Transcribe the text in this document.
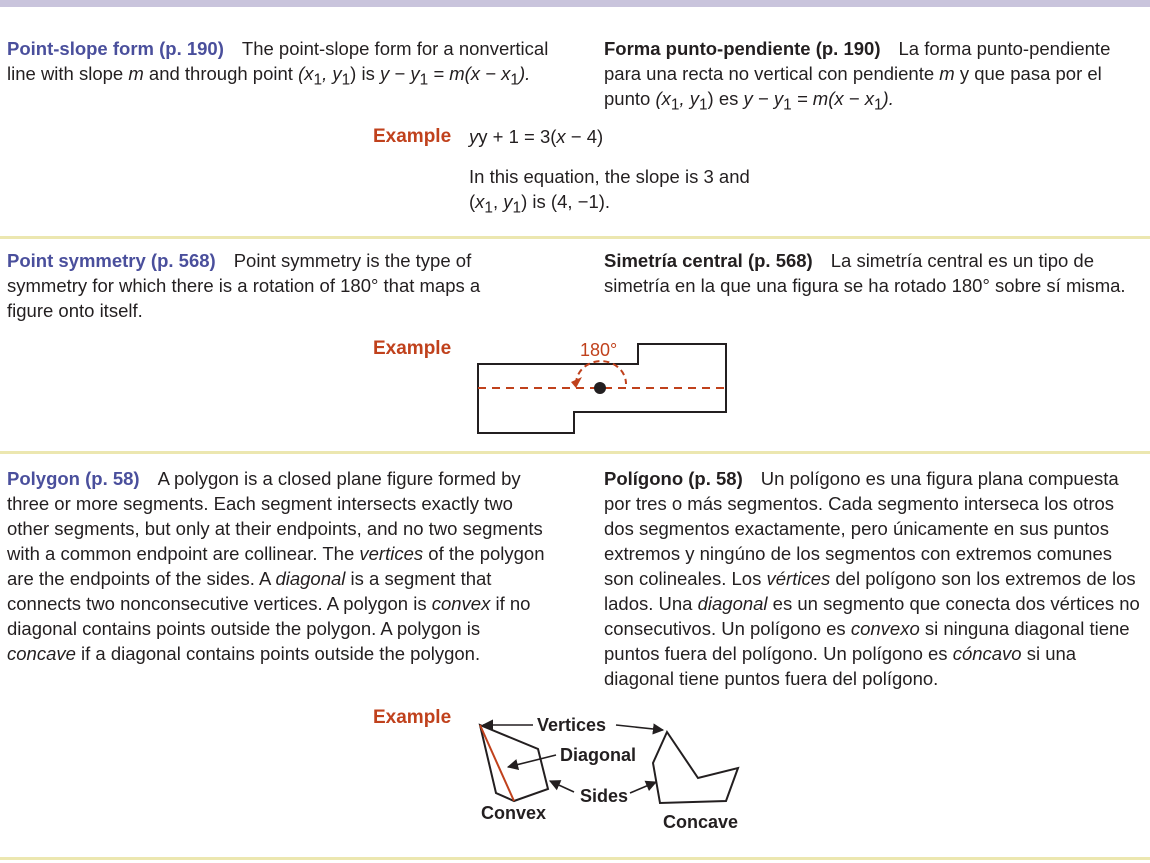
Point-slope form (p. 190) The point-slope form for a nonvertical line with slope m and through point ($x_1$, $y_1$) is $y - y_1 = m(x - x_1)$.
Forma punto-pendiente (p. 190) La forma punto-pendiente para una recta no vertical con pendiente m y que pasa por el punto ($x_1$, $y_1$) es $y - y_1 = m(x - x_1)$.
Example yy + 1 = 3(x − 4)
In this equation, the slope is 3 and
($x_1$, $y_1$) is (4, −1).
Point symmetry (p. 568) Point symmetry is the type of symmetry for which there is a rotation of 180° that maps a figure onto itself.
Simetría central (p. 568) La simetría central es un tipo de simetría en la que una figura se ha rotado 180° sobre sí misma.
Example	180°
Polygon (p. 58) A polygon is a closed plane figure formed by three or more segments. Each segment intersects exactly two other segments, but only at their endpoints, and no two segments with a common endpoint are collinear. The vertices of the polygon are the endpoints of the sides. A diagonal is a segment that connects two nonconsecutive vertices. A polygon is convex if no diagonal contains points outside the polygon. A polygon is concave if a diagonal contains points outside the polygon.
Polígono (p. 58) Un polígono es una figura plana compuesta por tres o más segmentos. Cada segmento interseca los otros dos segmentos exactamente, pero únicamente en sus puntos extremos y ningúno de los segmentos con extremos comunes son colineales. Los vértices del polígono son los extremos de los lados. Una diagonal es un segmento que conecta dos vértices no consecutivos. Un polígono es convexo si ninguna diagonal tiene puntos fuera del polígono. Un polígono es cóncavo si una diagonal tiene puntos fuera del polígono.
Example	Vertices
Diagonal
Sides
Convex	Concave
